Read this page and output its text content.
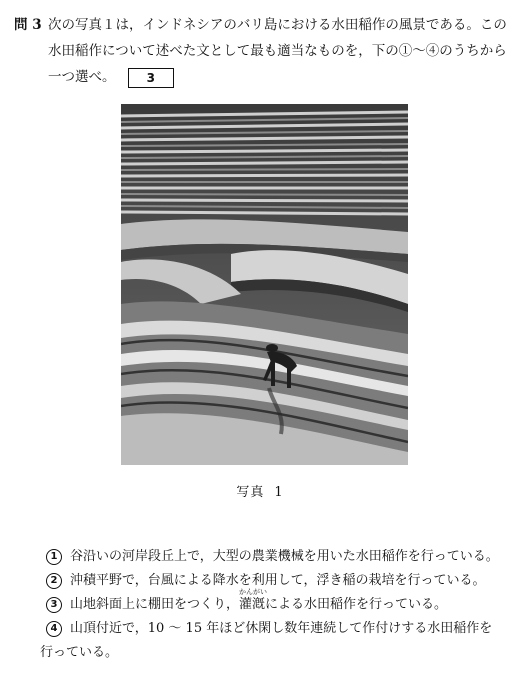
問 3 次の写真１は，インドネシアのバリ島における水田稲作の風景である。この水田稲作について述べた文として最も適当なものを，下の①～④のうちから一つ選べ。	3
写真 1
1 谷沿いの河岸段丘上で，大型の農業機械を用いた水田稲作を行っている。
2 沖積平野で，台風による降水を利用して，浮き稲の栽培を行っている。
3 山地斜面上に棚田をつくり，
かんがい
灌漑による水田稲作を行っている。
4 山頂付近で，10 ～ 15 年ほど休閑し数年連続して作付けする水田稲作を
行っている。
